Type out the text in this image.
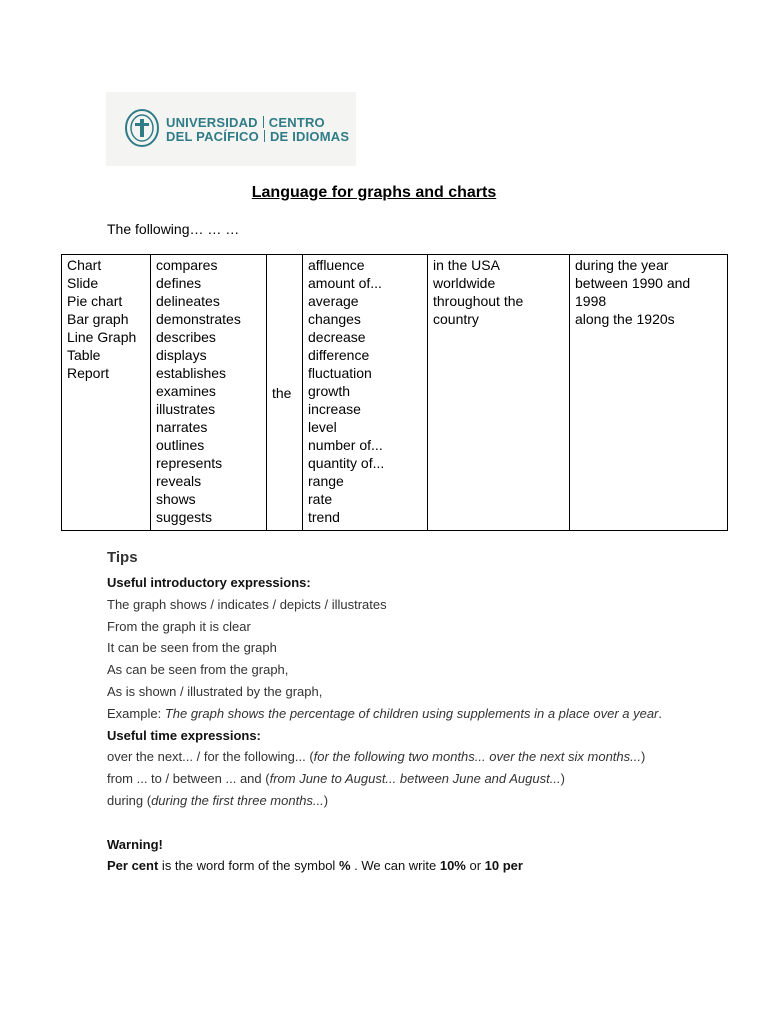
UNIVERSIDAD CENTRO
DEL PACÍFICO DE IDIOMAS
Language for graphs and charts
The following… … …
Chart
Slide
Pie chart
Bar graph
Line Graph
Table
Report

compares
defines
delineates
demonstrates
describes
displays
establishes
examines
illustrates
narrates
outlines
represents
reveals
shows
suggests
	the	
affluence
amount of...
average
changes
decrease
difference
fluctuation
growth
increase
level
number of...
quantity of...
range
rate
trend

in the USA
worldwide
throughout the country

during the year
between 1990 and 1998
along the 1920s
Tips
Useful introductory expressions:
The graph shows / indicates / depicts / illustrates
From the graph it is clear
It can be seen from the graph
As can be seen from the graph,
As is shown / illustrated by the graph,
Example: The graph shows the percentage of children using supplements in a place over a year.
Useful time expressions:
over the next... / for the following... (for the following two months... over the next six months...)
from ... to / between ... and (from June to August... between June and August...)
during (during the first three months...)
Warning!
Per cent is the word form of the symbol % . We can write 10% or 10 per
